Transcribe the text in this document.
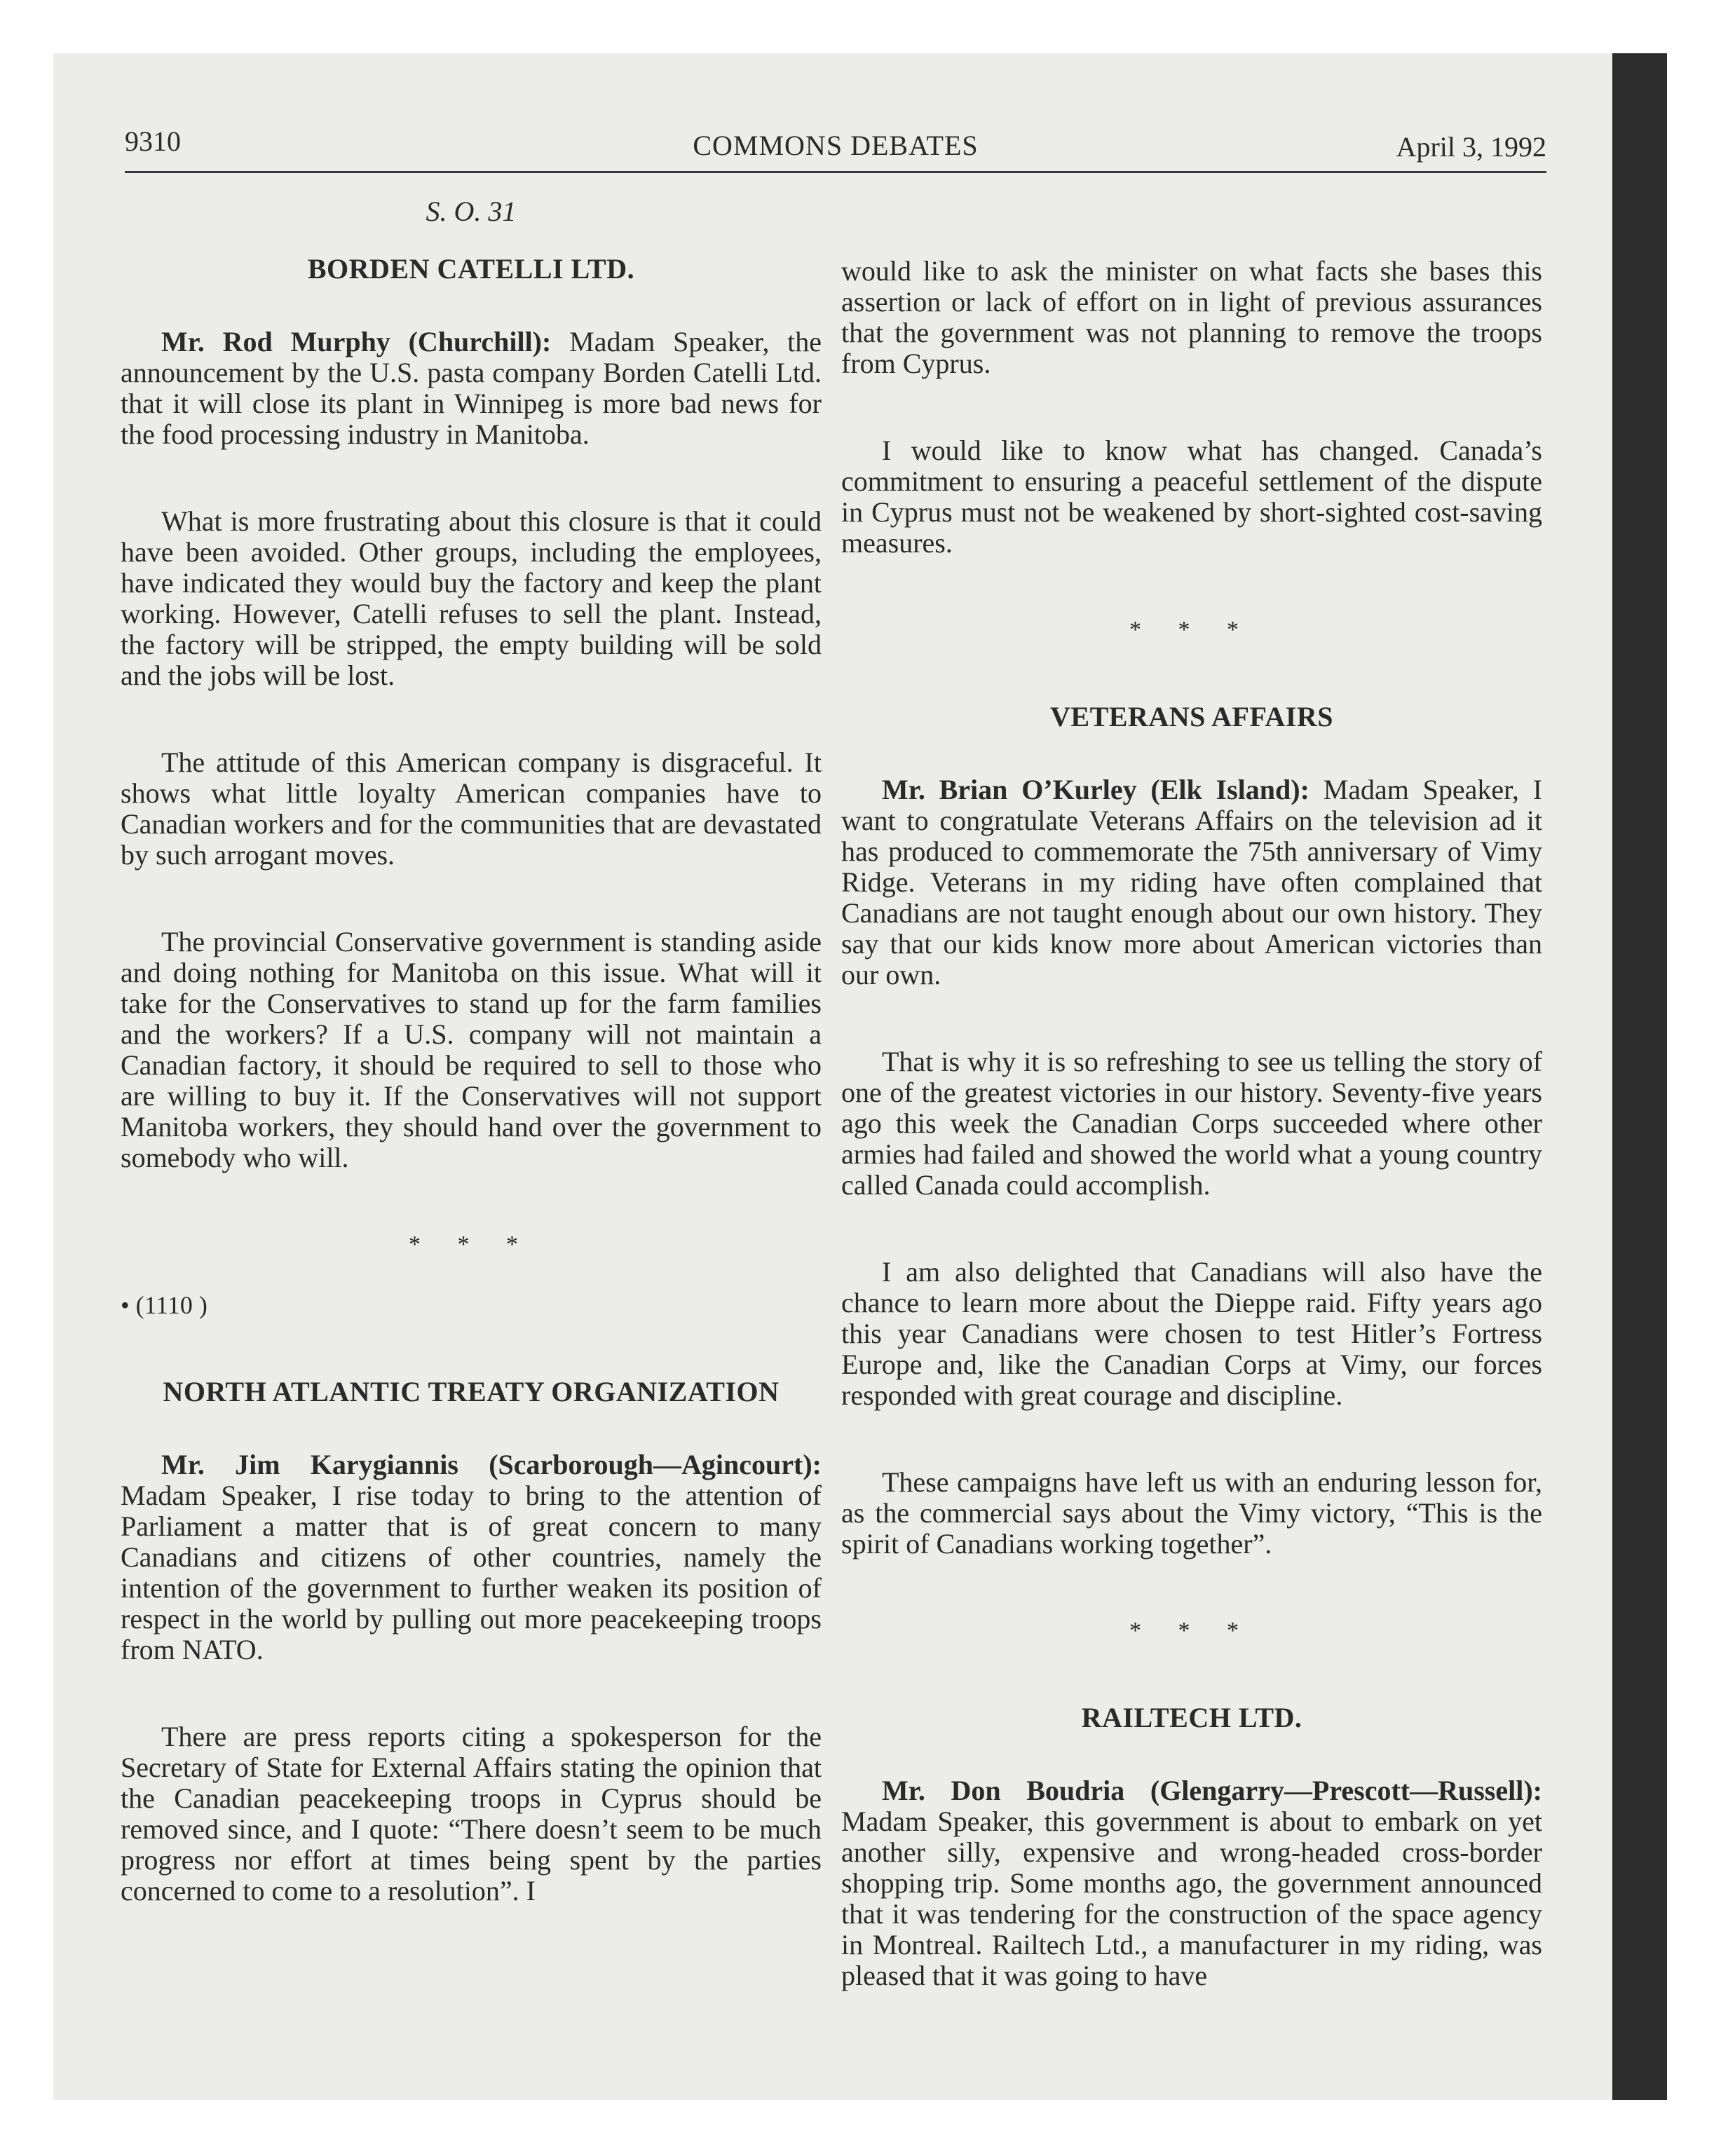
9310	COMMONS DEBATES	April 3, 1992
S. O. 31
BORDEN CATELLI LTD.

Mr. Rod Murphy (Churchill): Madam Speaker, the announcement by the U.S. pasta company Borden Catelli Ltd. that it will close its plant in Winnipeg is more bad news for the food processing industry in Manitoba.

What is more frustrating about this closure is that it could have been avoided. Other groups, including the employees, have indicated they would buy the factory and keep the plant working. However, Catelli refuses to sell the plant. Instead, the factory will be stripped, the empty building will be sold and the jobs will be lost.

The attitude of this American company is disgraceful. It shows what little loyalty American companies have to Canadian workers and for the communities that are devastated by such arrogant moves.

The provincial Conservative government is standing aside and doing nothing for Manitoba on this issue. What will it take for the Conservatives to stand up for the farm families and the workers? If a U.S. company will not maintain a Canadian factory, it should be required to sell to those who are willing to buy it. If the Conservatives will not support Manitoba workers, they should hand over the government to somebody who will.

* * *
• (1110 )
NORTH ATLANTIC TREATY ORGANIZATION

Mr. Jim Karygiannis (Scarborough—Agincourt): Madam Speaker, I rise today to bring to the attention of Parliament a matter that is of great concern to many Canadians and citizens of other countries, namely the intention of the government to further weaken its position of respect in the world by pulling out more peacekeeping troops from NATO.

There are press reports citing a spokesperson for the Secretary of State for External Affairs stating the opinion that the Canadian peacekeeping troops in Cyprus should be removed since, and I quote: “There doesn’t seem to be much progress nor effort at times being spent by the parties concerned to come to a resolution”. I

would like to ask the minister on what facts she bases this assertion or lack of effort on in light of previous assurances that the government was not planning to remove the troops from Cyprus.

I would like to know what has changed. Canada’s commitment to ensuring a peaceful settlement of the dispute in Cyprus must not be weakened by short-sighted cost-saving measures.

* * *
VETERANS AFFAIRS

Mr. Brian O’Kurley (Elk Island): Madam Speaker, I want to congratulate Veterans Affairs on the television ad it has produced to commemorate the 75th anniversary of Vimy Ridge. Veterans in my riding have often complained that Canadians are not taught enough about our own history. They say that our kids know more about American victories than our own.

That is why it is so refreshing to see us telling the story of one of the greatest victories in our history. Seventy-five years ago this week the Canadian Corps succeeded where other armies had failed and showed the world what a young country called Canada could accomplish.

I am also delighted that Canadians will also have the chance to learn more about the Dieppe raid. Fifty years ago this year Canadians were chosen to test Hitler’s Fortress Europe and, like the Canadian Corps at Vimy, our forces responded with great courage and discipline.

These campaigns have left us with an enduring lesson for, as the commercial says about the Vimy victory, “This is the spirit of Canadians working together”.

* * *
RAILTECH LTD.

Mr. Don Boudria (Glengarry—Prescott—Russell): Madam Speaker, this government is about to embark on yet another silly, expensive and wrong-headed cross-border shopping trip. Some months ago, the government announced that it was tendering for the construction of the space agency in Montreal. Railtech Ltd., a manufacturer in my riding, was pleased that it was going to have
